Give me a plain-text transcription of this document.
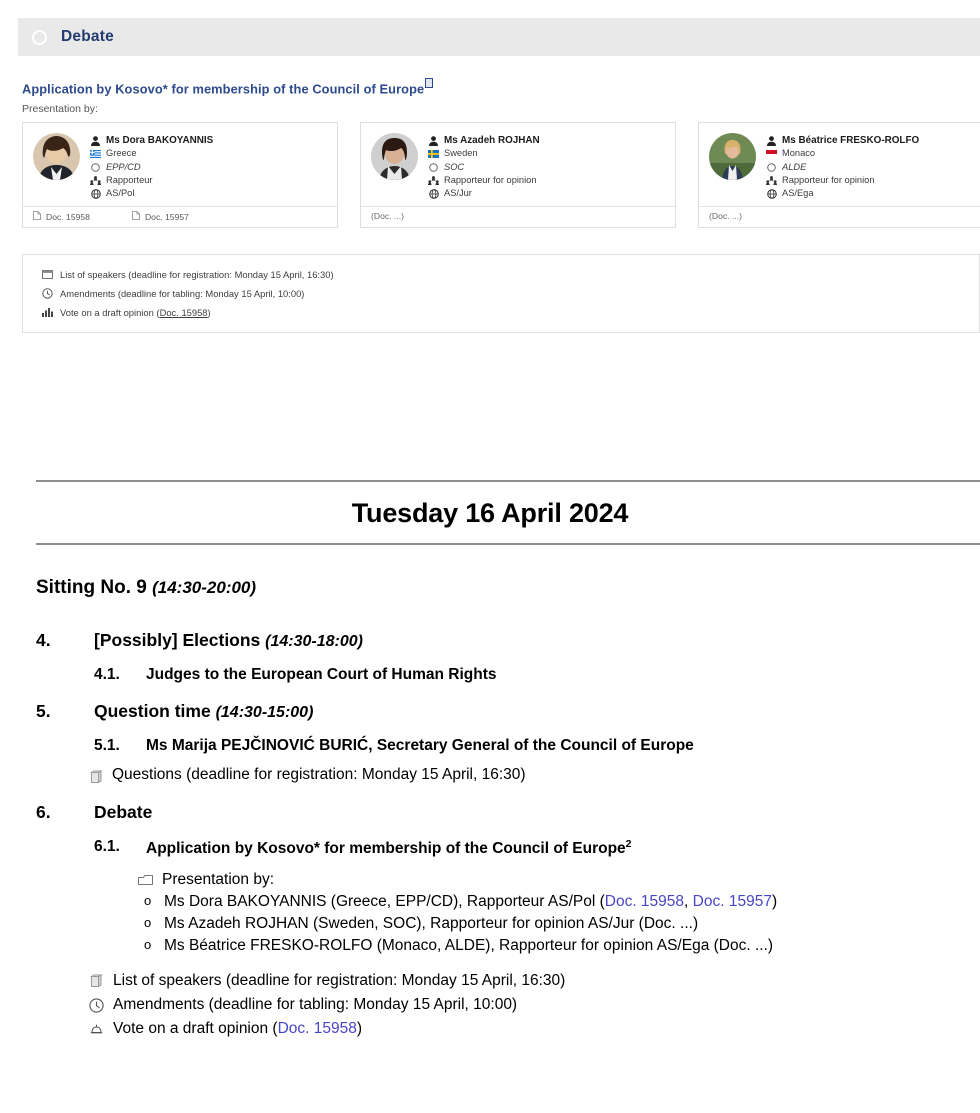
Debate
Application by Kosovo* for membership of the Council of Europe
Presentation by:
Ms Dora BAKOYANNIS
Greece
EPP/CD
Rapporteur
AS/Pol
Doc. 15958	Doc. 15957
Ms Azadeh ROJHAN
Sweden
SOC
Rapporteur for opinion
AS/Jur
(Doc. ...)
Ms Béatrice FRESKO-ROLFO
Monaco
ALDE
Rapporteur for opinion
AS/Ega
(Doc. ...)
List of speakers (deadline for registration: Monday 15 April, 16:30)
Amendments (deadline for tabling: Monday 15 April, 10:00)
Vote on a draft opinion ( Doc. 15958 )
Tuesday 16 April 2024
Sitting No. 9 (14:30-20:00)
4.	[Possibly] Elections (14:30-18:00)
4.1.	Judges to the European Court of Human Rights
5.	Question time (14:30-15:00)
5.1.	Ms Marija PEJČINOVIĆ BURIĆ, Secretary General of the Council of Europe
Questions (deadline for registration: Monday 15 April, 16:30)
6.	Debate
6.1.	Application by Kosovo* for membership of the Council of Europe$^2$
Presentation by:
o Ms Dora BAKOYANNIS (Greece, EPP/CD), Rapporteur AS/Pol (Doc. 15958, Doc. 15957)
o Ms Azadeh ROJHAN (Sweden, SOC), Rapporteur for opinion AS/Jur (Doc. ...)
o Ms Béatrice FRESKO-ROLFO (Monaco, ALDE), Rapporteur for opinion AS/Ega (Doc. ...)
List of speakers (deadline for registration: Monday 15 April, 16:30)
Amendments (deadline for tabling: Monday 15 April, 10:00)
Vote on a draft opinion ( Doc. 15958 )
